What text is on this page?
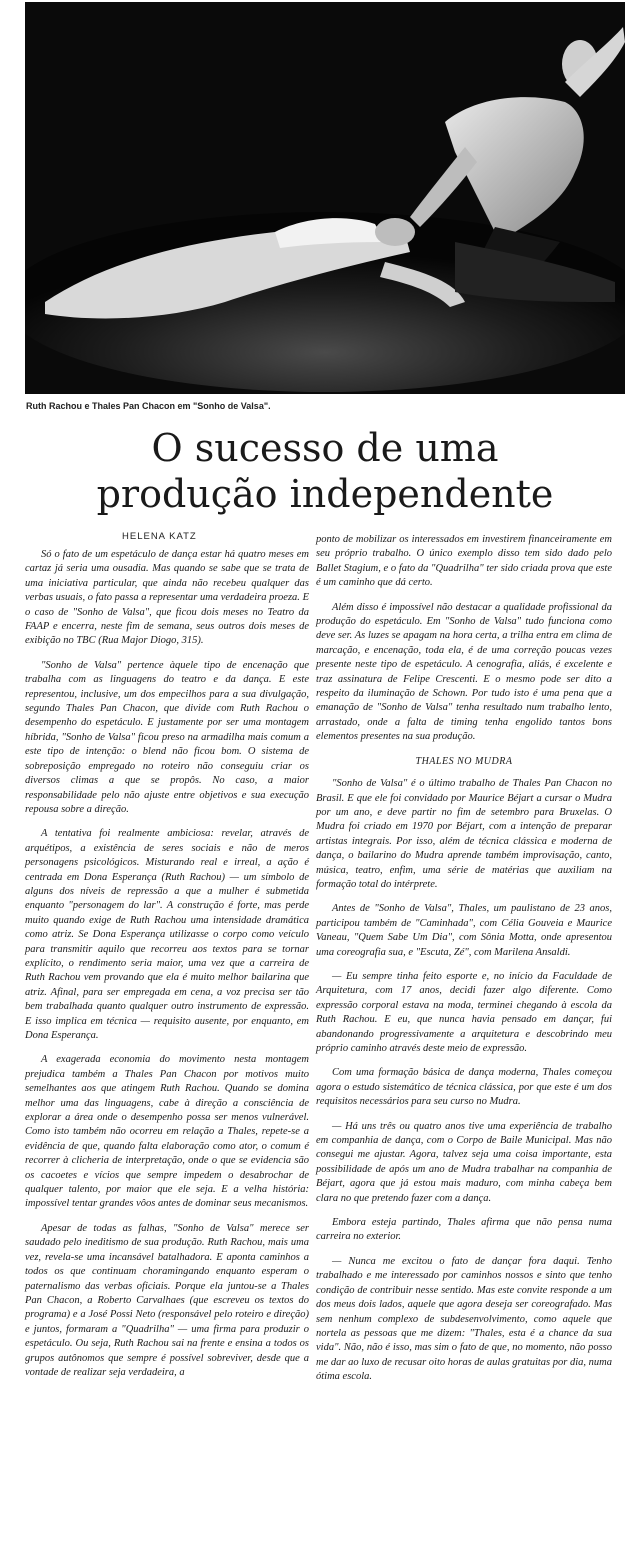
Ruth Rachou e Thales Pan Chacon em "Sonho de Valsa".
O sucesso de uma
produção independente
HELENA KATZ

Só o fato de um espetáculo de dança estar há quatro meses em cartaz já seria uma ousadia. Mas quando se sabe que se trata de uma iniciativa particular, que ainda não recebeu qualquer das verbas usuais, o fato passa a representar uma verdadeira proeza. E o caso de "Sonho de Valsa", que ficou dois meses no Teatro da FAAP e encerra, neste fim de semana, seus outros dois meses de exibição no TBC (Rua Major Diogo, 315).

"Sonho de Valsa" pertence àquele tipo de encenação que trabalha com as linguagens do teatro e da dança. E este representou, inclusive, um dos empecilhos para a sua divulgação, segundo Thales Pan Chacon, que divide com Ruth Rachou o desempenho do espetáculo. E justamente por ser uma montagem híbrida, "Sonho de Valsa" ficou preso na armadilha mais comum a este tipo de intenção: o blend não ficou bom. O sistema de sobreposição empregado no roteiro não conseguiu criar os diversos climas a que se propôs. No caso, a maior responsabilidade pelo não ajuste entre objetivos e sua execução repousa sobre a direção.

A tentativa foi realmente ambiciosa: revelar, através de arquétipos, a existência de seres sociais e não de meros personagens psicológicos. Misturando real e irreal, a ação é centrada em Dona Esperança (Ruth Rachou) — um símbolo de alguns dos níveis de repressão a que a mulher é submetida enquanto "personagem do lar". A construção é forte, mas perde muito quando exige de Ruth Rachou uma intensidade dramática como atriz. Se Dona Esperança utilizasse o corpo como veículo para transmitir aquilo que recorreu aos textos para se tornar explícito, o rendimento seria maior, uma vez que a carreira de Ruth Rachou vem provando que ela é muito melhor bailarina que atriz. Afinal, para ser empregada em cena, a voz precisa ser tão bem trabalhada quanto qualquer outro instrumento de expressão. E isso implica em técnica — requisito ausente, por enquanto, em Dona Esperança.

A exagerada economia do movimento nesta montagem prejudica também a Thales Pan Chacon por motivos muito semelhantes aos que atingem Ruth Rachou. Quando se domina melhor uma das linguagens, cabe à direção a consciência de explorar a área onde o desempenho possa ser menos vulnerável. Como isto também não ocorreu em relação a Thales, repete-se a evidência de que, quando falta elaboração como ator, o comum é recorrer à clicheria de interpretação, onde o que se evidencia são os cacoetes e vícios que sempre impedem o desabrochar de qualquer talento, por maior que ele seja. E a velha história: impossível tentar grandes vôos antes de dominar seus mecanismos.

Apesar de todas as falhas, "Sonho de Valsa" merece ser saudado pelo ineditismo de sua produção. Ruth Rachou, mais uma vez, revela-se uma incansável batalhadora. E aponta caminhos a todos os que continuam choramingando enquanto esperam o paternalismo das verbas oficiais. Porque ela juntou-se a Thales Pan Chacon, a Roberto Carvalhaes (que escreveu os textos do programa) e a José Possi Neto (responsável pelo roteiro e direção) e juntos, formaram a "Quadrilha" — uma firma para produzir o espetáculo. Ou seja, Ruth Rachou sai na frente e ensina a todos os grupos autônomos que sempre é possível sobreviver, desde que a vontade de realizar seja verdadeira, a

ponto de mobilizar os interessados em investirem financeiramente em seu próprio trabalho. O único exemplo disso tem sido dado pelo Ballet Stagium, e o fato da "Quadrilha" ter sido criada prova que este é um caminho que dá certo.

Além disso é impossível não destacar a qualidade profissional da produção do espetáculo. Em "Sonho de Valsa" tudo funciona como deve ser. As luzes se apagam na hora certa, a trilha entra em clima de marcação, e encenação, toda ela, é de uma correção poucas vezes presente neste tipo de espetáculo. A cenografia, aliás, é excelente e traz assinatura de Felipe Crescenti. E o mesmo pode ser dito a respeito da iluminação de Schown. Por tudo isto é uma pena que a emanação de "Sonho de Valsa" tenha resultado num trabalho lento, arrastado, onde a falta de timing tenha engolido tantos bons elementos presentes na sua produção.

THALES NO MUDRA

"Sonho de Valsa" é o último trabalho de Thales Pan Chacon no Brasil. E que ele foi convidado por Maurice Béjart a cursar o Mudra por um ano, e deve partir no fim de setembro para Bruxelas. O Mudra foi criado em 1970 por Béjart, com a intenção de preparar artistas integrais. Por isso, além de técnica clássica e moderna de dança, o bailarino do Mudra aprende também improvisação, canto, música, teatro, enfim, uma série de matérias que auxiliam na formação total do intérprete.

Antes de "Sonho de Valsa", Thales, um paulistano de 23 anos, participou também de "Caminhada", com Célia Gouveia e Maurice Vaneau, "Quem Sabe Um Dia", com Sônia Motta, onde apresentou uma coreografia sua, e "Escuta, Zé", com Marilena Ansaldi.

— Eu sempre tinha feito esporte e, no início da Faculdade de Arquitetura, com 17 anos, decidi fazer algo diferente. Como expressão corporal estava na moda, terminei chegando à escola da Ruth Rachou. E eu, que nunca havia pensado em dançar, fui abandonando progressivamente a arquitetura e descobrindo meu próprio caminho através deste meio de expressão.

Com uma formação básica de dança moderna, Thales começou agora o estudo sistemático de técnica clássica, por que este é um dos requisitos necessários para seu curso no Mudra.

— Há uns três ou quatro anos tive uma experiência de trabalho em companhia de dança, com o Corpo de Baile Municipal. Mas não consegui me ajustar. Agora, talvez seja uma coisa importante, esta possibilidade de após um ano de Mudra trabalhar na companhia de Béjart, agora que já estou mais maduro, com minha cabeça bem clara no que pretendo fazer com a dança.

Embora esteja partindo, Thales afirma que não pensa numa carreira no exterior.

— Nunca me excitou o fato de dançar fora daqui. Tenho trabalhado e me interessado por caminhos nossos e sinto que tenho condição de contribuir nesse sentido. Mas este convite responde a um dos meus dois lados, aquele que agora deseja ser coreografado. Mas sem nenhum complexo de subdesenvolvimento, como aquele que nortela as pessoas que me dizem: "Thales, esta é a chance da sua vida". Não, não é isso, mas sim o fato de que, no momento, não posso me dar ao luxo de recusar oito horas de aulas gratuitas por dia, numa ótima escola.
